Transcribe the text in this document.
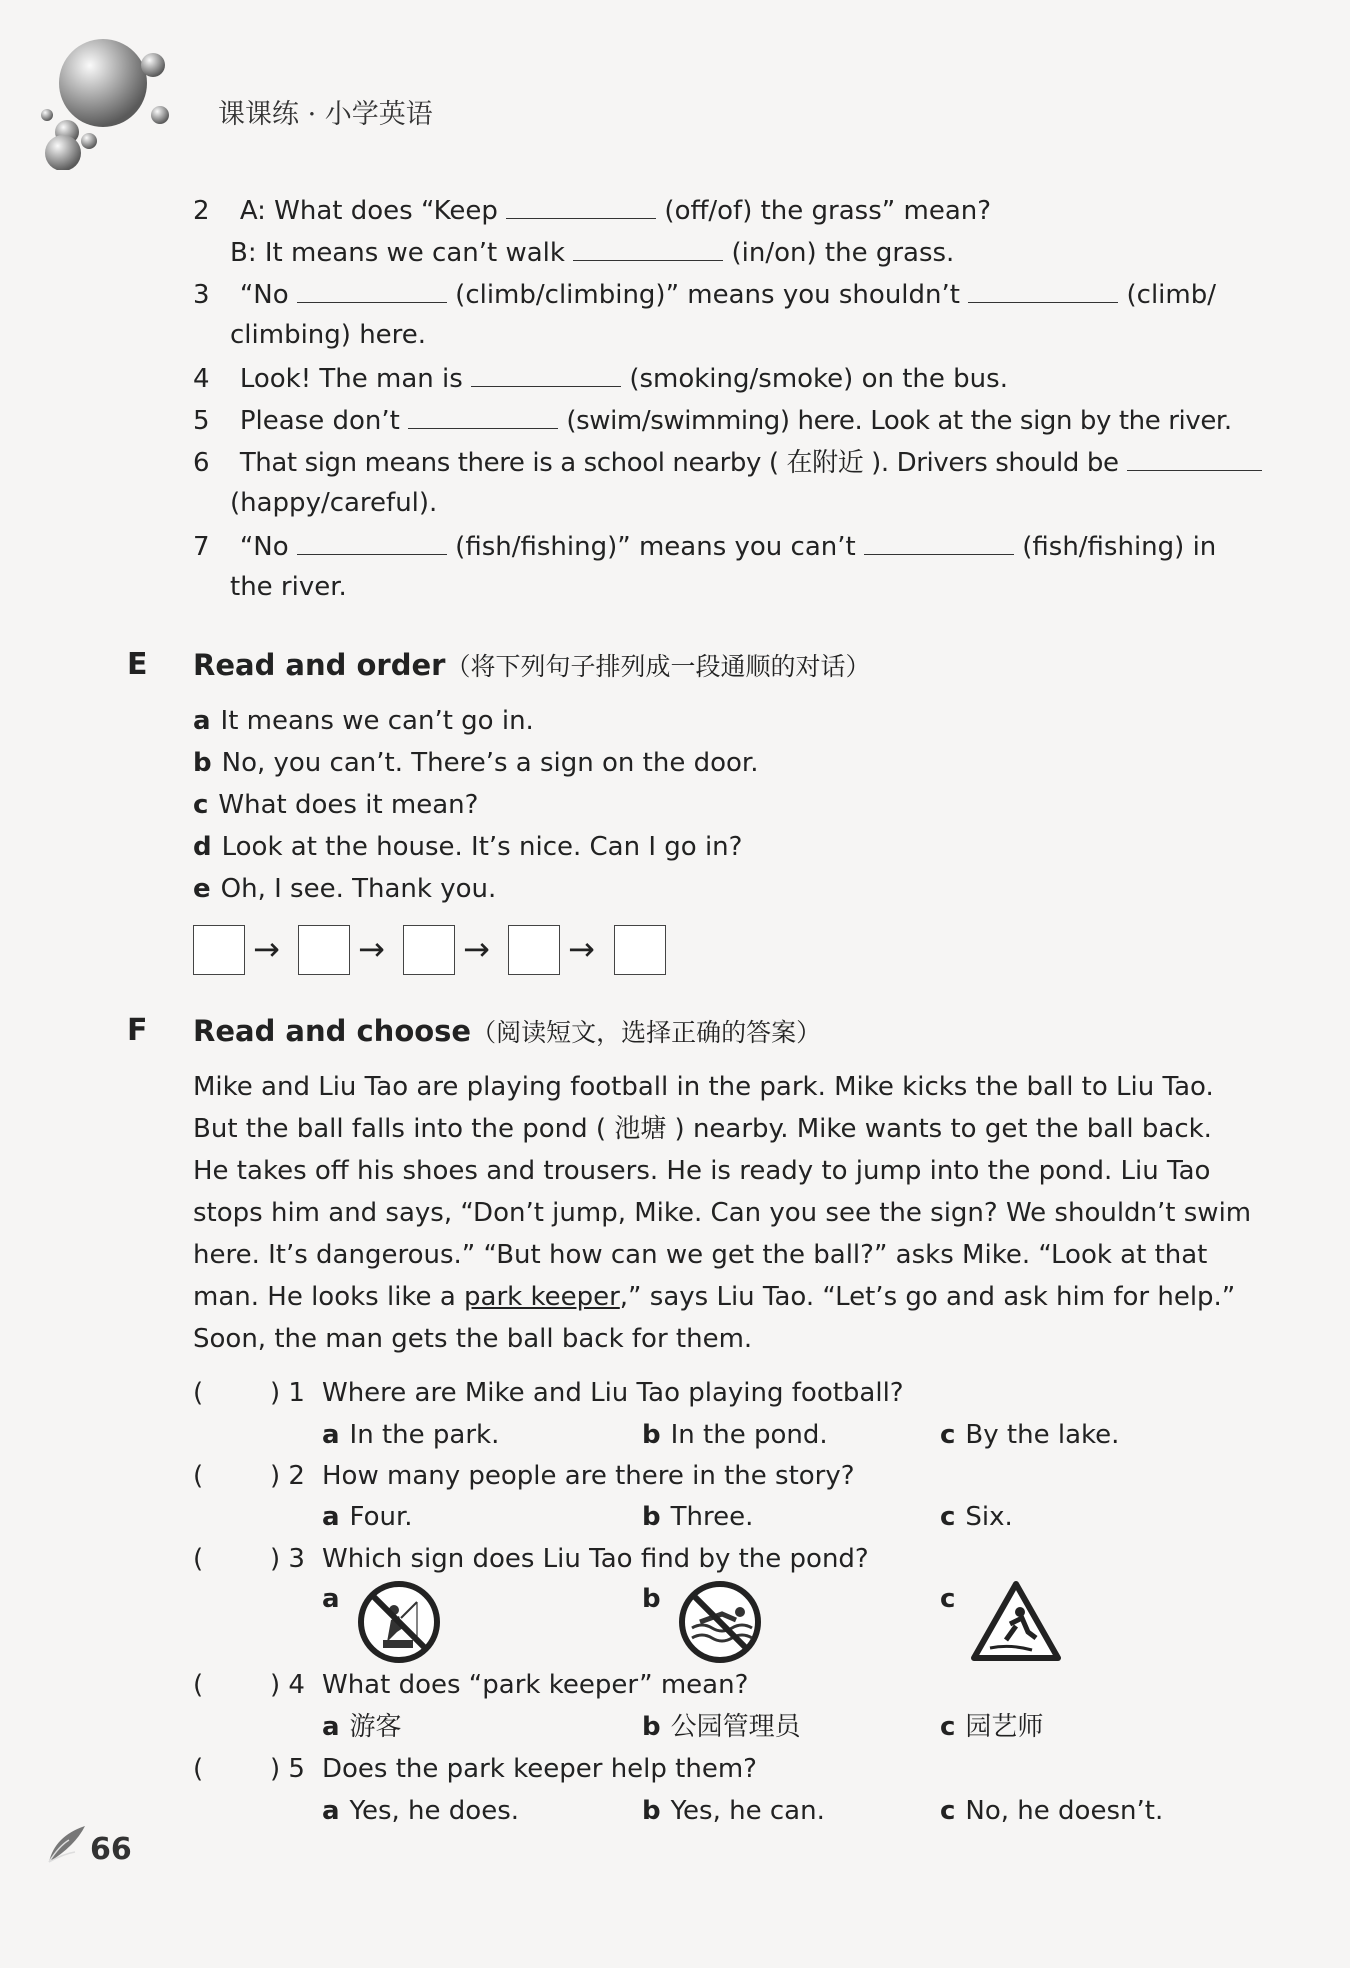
课课练 · 小学英语
2 A: What does “Keep	(off/of) the grass” mean?
B: It means we can’t walk	(in/on) the grass.
3 “No	(climb/climbing)” means you shouldn’t	(climb/
climbing) here.
4 Look! The man is	(smoking/smoke) on the bus.
5 Please don’t	(swim/swimming) here. Look at the sign by the river.
6 That sign means there is a school nearby ( 在附近 ). Drivers should be
(happy/careful).
7 “No	(fish/fishing)” means you can’t	(fish/fishing) in
the river.
E Read and order（将下列句子排列成一段通顺的对话）
a It means we can’t go in.
b No, you can’t. There’s a sign on the door.
c What does it mean?
d Look at the house. It’s nice. Can I go in?
e Oh, I see. Thank you.
→ → → →
F Read and choose（阅读短文，选择正确的答案）
Mike and Liu Tao are playing football in the park. Mike kicks the ball to Liu Tao.
But the ball falls into the pond ( 池塘 ) nearby. Mike wants to get the ball back.
He takes off his shoes and trousers. He is ready to jump into the pond. Liu Tao
stops him and says, “Don’t jump, Mike. Can you see the sign? We shouldn’t swim
here. It’s dangerous.” “But how can we get the ball?” asks Mike. “Look at that
man. He looks like a park keeper,” says Liu Tao. “Let’s go and ask him for help.”
Soon, the man gets the ball back for them.
(	) 1 Where are Mike and Liu Tao playing football?
a In the park.	b In the pond.	c By the lake.
(	) 2 How many people are there in the story?
a Four.	b Three.	c Six.
(	) 3 Which sign does Liu Tao find by the pond?
a	b	c
(	) 4 What does “park keeper” mean?
a 游客	b 公园管理员	c 园艺师
(	) 5 Does the park keeper help them?
a Yes, he does.	b Yes, he can.	c No, he doesn’t.
66
